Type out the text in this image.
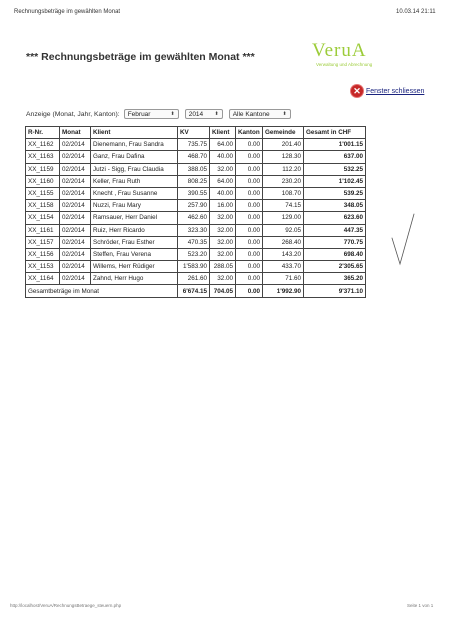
Rechnungsbeträge im gewählten Monat	10.03.14 21:11
*** Rechnungsbeträge im gewählten Monat ***	VeruA
Verwaltung und Abrechnung
✕ Fenster schliessen
Anzeige (Monat, Jahr, Kanton): Februar	⬍ 2014 ⬍ Alle Kantone	⬍
R-Nr.	Monat	Klient	KV	Klient	Kanton	Gemeinde	Gesamt in CHF
XX_1162	02/2014	Dienemann, Frau Sandra	735.75	64.00	0.00	201.40	1'001.15
XX_1163	02/2014	Ganz, Frau Dafina	468.70	40.00	0.00	128.30	637.00
XX_1159	02/2014	Jutzi - Sigg, Frau Claudia	388.05	32.00	0.00	112.20	532.25
XX_1160	02/2014	Keller, Frau Ruth	808.25	64.00	0.00	230.20	1'102.45
XX_1155	02/2014	Knecht , Frau Susanne	390.55	40.00	0.00	108.70	539.25
XX_1158	02/2014	Nuzzi, Frau Mary	257.90	16.00	0.00	74.15	348.05
XX_1154	02/2014	Ramsauer, Herr Daniel	462.60	32.00	0.00	129.00	623.60
XX_1161	02/2014	Ruiz, Herr Ricardo	323.30	32.00	0.00	92.05	447.35
XX_1157	02/2014	Schröder, Frau Esther	470.35	32.00	0.00	268.40	770.75
XX_1156	02/2014	Steffen, Frau Verena	523.20	32.00	0.00	143.20	698.40
XX_1153	02/2014	Willems, Herr Rüdiger	1'583.90	288.05	0.00	433.70	2'305.65
XX_1164	02/2014	Zahnd, Herr Hugo	261.60	32.00	0.00	71.60	365.20
Gesamtbeträge im Monat			6'674.15	704.05	0.00	1'992.90	9'371.10
http://localhost/VeruA/RechnungsBetraege_steuern.php	Seite 1 von 1
